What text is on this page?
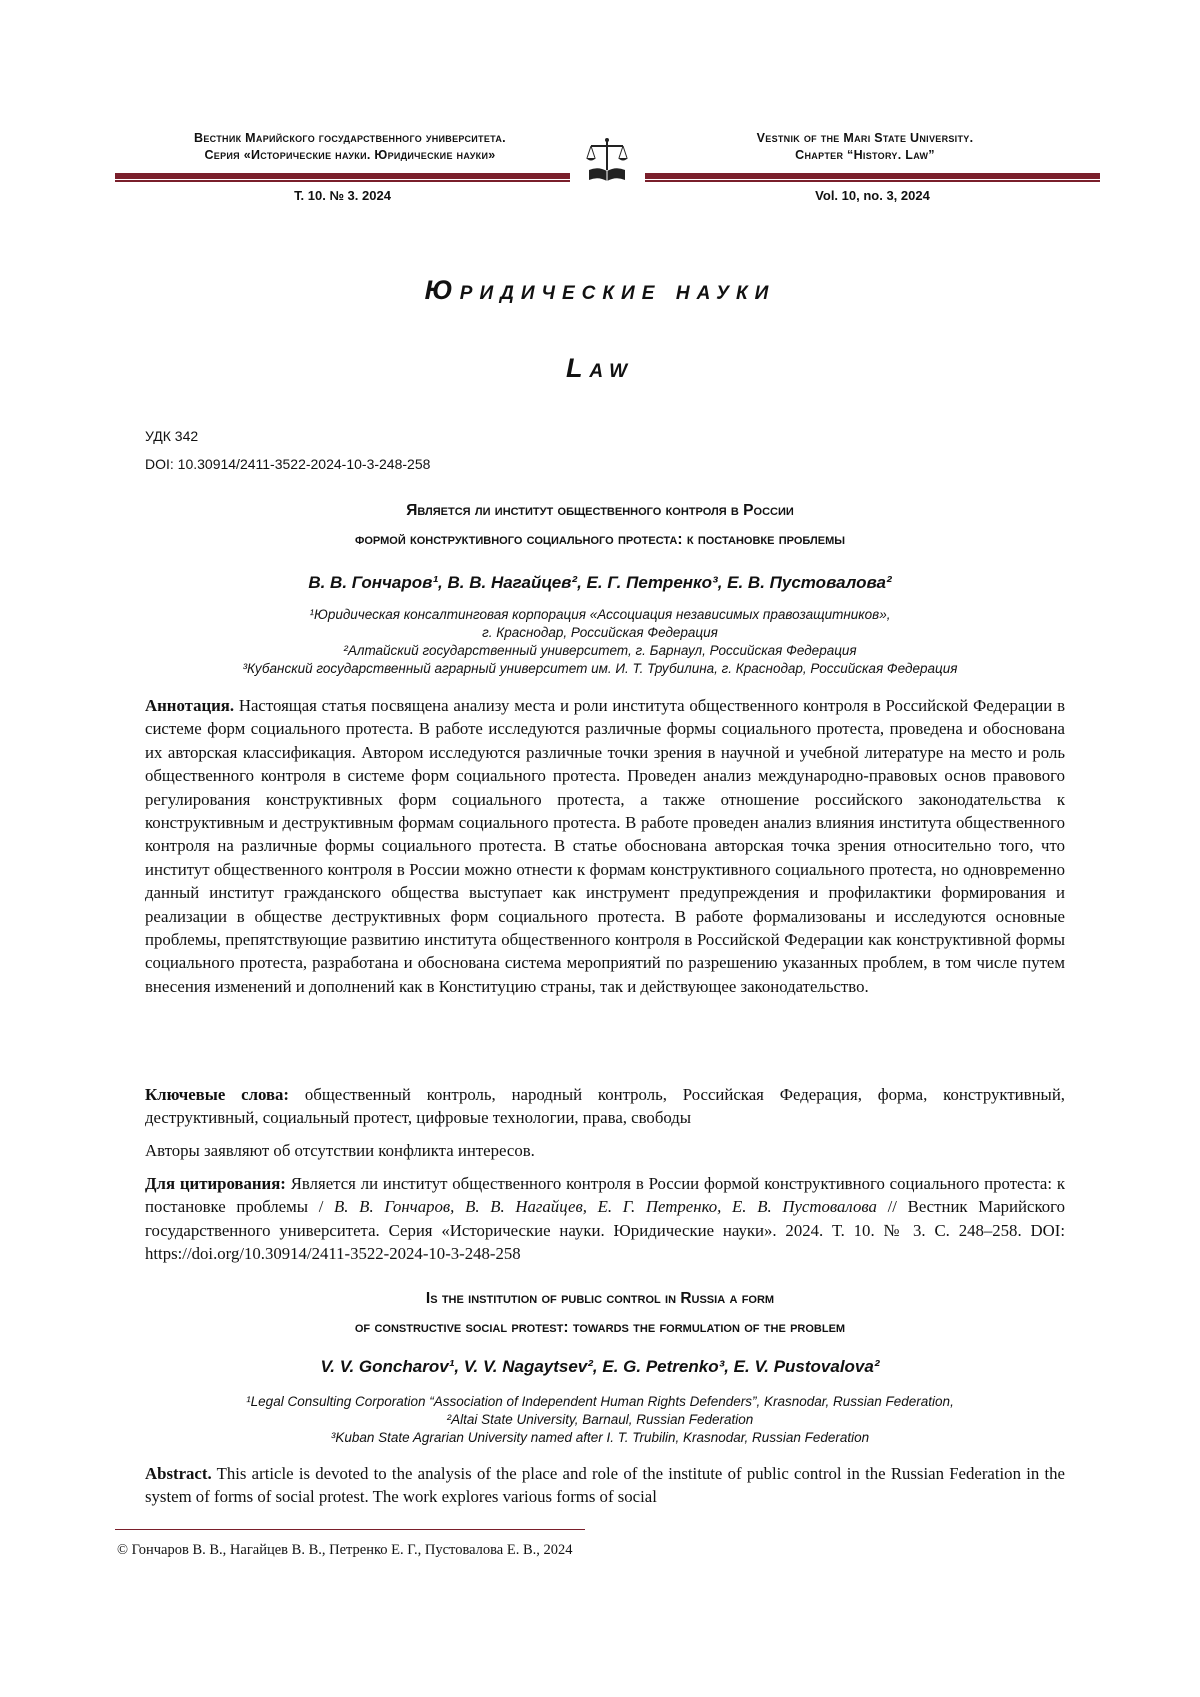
Вестник Марийского государственного университета.
Серия «Исторические науки. Юридические науки»
Vestnik of the Mari State University.
Chapter “History. Law”
Т. 10. № 3. 2024	Vol. 10, no. 3, 2024
Юридические науки
Law
УДК 342
DOI: 10.30914/2411-3522-2024-10-3-248-258
Является ли институт общественного контроля в России
формой конструктивного социального протеста: к постановке проблемы
В. В. Гончаров¹, В. В. Нагайцев², Е. Г. Петренко³, Е. В. Пустовалова²
¹Юридическая консалтинговая корпорация «Ассоциация независимых правозащитников»,
г. Краснодар, Российская Федерация
²Алтайский государственный университет, г. Барнаул, Российская Федерация
³Кубанский государственный аграрный университет им. И. Т. Трубилина, г. Краснодар, Российская Федерация
Аннотация. Настоящая статья посвящена анализу места и роли института общественного контроля в Российской Федерации в системе форм социального протеста. В работе исследуются различные формы социального протеста, проведена и обоснована их авторская классификация. Автором исследуются различные точки зрения в научной и учебной литературе на место и роль общественного контроля в системе форм социального протеста. Проведен анализ международно-правовых основ правового регулирования конструктивных форм социального протеста, а также отношение российского законодательства к конструктивным и деструктивным формам социального протеста. В работе проведен анализ влияния института общественного контроля на различные формы социального протеста. В статье обоснована авторская точка зрения относительно того, что институт общественного контроля в России можно отнести к формам конструктивного социального протеста, но одновременно данный институт гражданского общества выступает как инструмент предупреждения и профилактики формирования и реализации в обществе деструктивных форм социального протеста. В работе формализованы и исследуются основные проблемы, препятствующие развитию института общественного контроля в Российской Федерации как конструктивной формы социального протеста, разработана и обоснована система мероприятий по разрешению указанных проблем, в том числе путем внесения изменений и дополнений как в Конституцию страны, так и действующее законодательство.
Ключевые слова: общественный контроль, народный контроль, Российская Федерация, форма, конструктивный, деструктивный, социальный протест, цифровые технологии, права, свободы
Авторы заявляют об отсутствии конфликта интересов.
Для цитирования: Является ли институт общественного контроля в России формой конструктивного социального протеста: к постановке проблемы / В. В. Гончаров, В. В. Нагайцев, Е. Г. Петренко, Е. В. Пустовалова // Вестник Марийского государственного университета. Серия «Исторические науки. Юридические науки». 2024. Т. 10. № 3. С. 248–258. DOI: https://doi.org/10.30914/2411-3522-2024-10-3-248-258
Is the institution of public control in Russia a form
of constructive social protest: towards the formulation of the problem
V. V. Goncharov¹, V. V. Nagaytsev², E. G. Petrenko³, E. V. Pustovalova²
¹Legal Consulting Corporation “Association of Independent Human Rights Defenders”, Krasnodar, Russian Federation,
²Altai State University, Barnaul, Russian Federation
³Kuban State Agrarian University named after I. T. Trubilin, Krasnodar, Russian Federation
Abstract. This article is devoted to the analysis of the place and role of the institute of public control in the Russian Federation in the system of forms of social protest. The work explores various forms of social
© Гончаров В. В., Нагайцев В. В., Петренко Е. Г., Пустовалова Е. В., 2024
